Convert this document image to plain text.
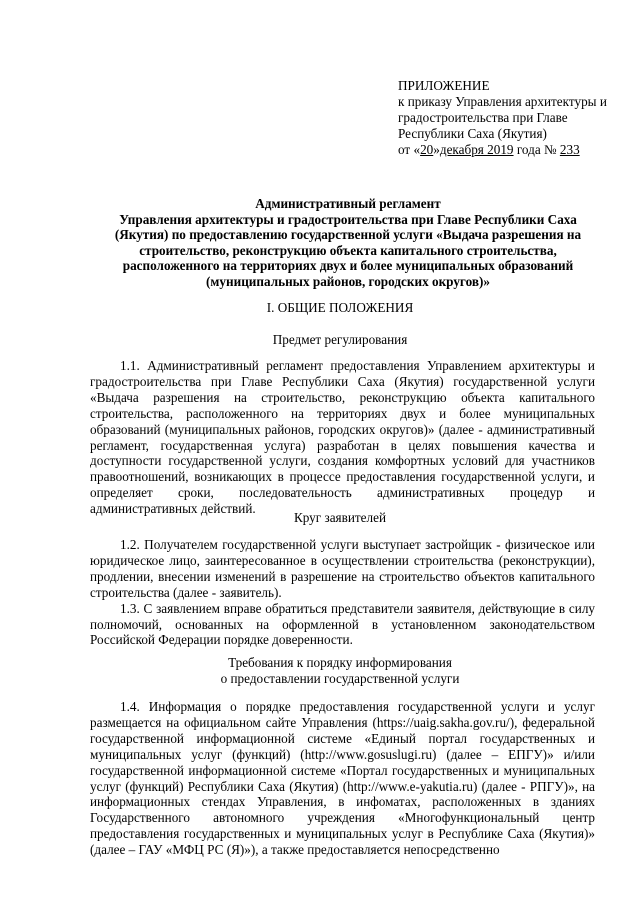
ПРИЛОЖЕНИЕ
к приказу Управления архитектуры и
градостроительства при Главе
Республики Саха (Якутия)
от «20»декабря 2019 года № 233
Административный регламент
Управления архитектуры и градостроительства при Главе Республики Саха
(Якутия) по предоставлению государственной услуги «Выдача разрешения на
строительство, реконструкцию объекта капитального строительства,
расположенного на территориях двух и более муниципальных образований
(муниципальных районов, городских округов)»
I. ОБЩИЕ ПОЛОЖЕНИЯ
Предмет регулирования

1.1. Административный регламент предоставления Управлением архитектуры и градостроительства при Главе Республики Саха (Якутия) государственной услуги «Выдача разрешения на строительство, реконструкцию объекта капитального строительства, расположенного на территориях двух и более муниципальных образований (муниципальных районов, городских округов)» (далее - административный регламент, государственная услуга) разработан в целях повышения качества и доступности государственной услуги, создания комфортных условий для участников правоотношений, возникающих в процессе предоставления государственной услуги, и определяет сроки, последовательность административных процедур и административных действий.

Круг заявителей

1.2. Получателем государственной услуги выступает застройщик - физическое или юридическое лицо, заинтересованное в осуществлении строительства (реконструкции), продлении, внесении изменений в разрешение на строительство объектов капитального строительства (далее - заявитель).

1.3. С заявлением вправе обратиться представители заявителя, действующие в силу полномочий, основанных на оформленной в установленном законодательством Российской Федерации порядке доверенности.

Требования к порядку информирования
о предоставлении государственной услуги

1.4. Информация о порядке предоставления государственной услуги и услуг размещается на официальном сайте Управления (https://uaig.sakha.gov.ru/), федеральной государственной информационной системе «Единый портал государственных и муниципальных услуг (функций) (http://www.gosuslugi.ru) (далее – ЕПГУ)» и/или государственной информационной системе «Портал государственных и муниципальных услуг (функций) Республики Саха (Якутия) (http://www.e-yakutia.ru) (далее - РПГУ)», на информационных стендах Управления, в инфоматах, расположенных в зданиях Государственного автономного учреждения «Многофункциональный центр предоставления государственных и муниципальных услуг в Республике Саха (Якутия)» (далее – ГАУ «МФЦ РС (Я)»), а также предоставляется непосредственно
